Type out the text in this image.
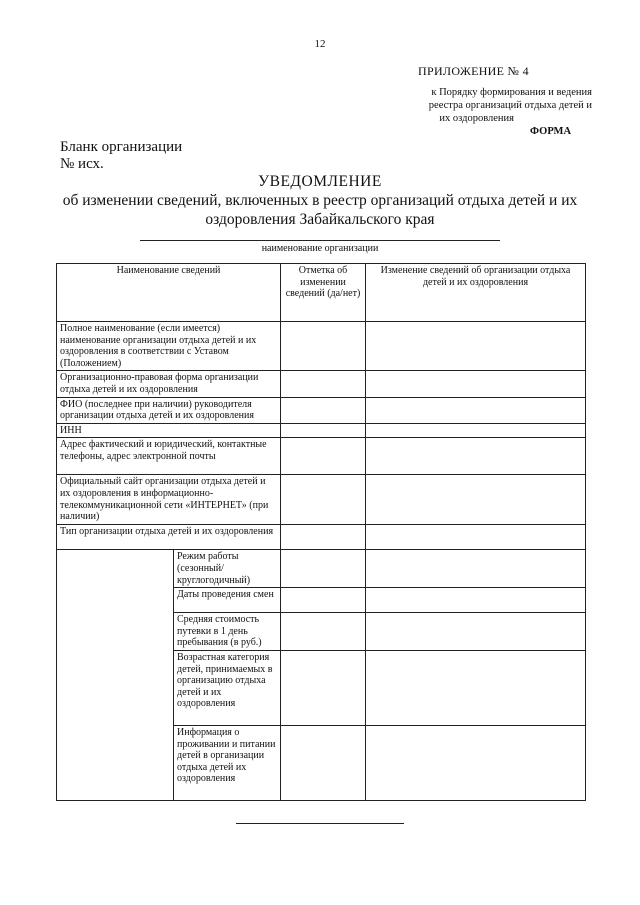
12
ПРИЛОЖЕНИЕ № 4
к Порядку формирования и ведения
реестра организаций отдыха детей и
их оздоровления
ФОРМА
Бланк организации
№ исх.
УВЕДОМЛЕНИЕ
об изменении сведений, включенных в реестр организаций отдыха детей и их
оздоровления Забайкальского края
наименование организации
Наименование сведений		Отметка об изменении сведений (да/нет)	Изменение сведений об организации отдыха детей и их оздоровления
Полное наименование (если имеется) наименование организации отдыха детей и их оздоровления в соответствии с Уставом (Положением)			
Организационно-правовая форма организации отдыха детей и их оздоровления			
ФИО (последнее при наличии) руководителя организации отдыха детей и их оздоровления			
ИНН			
Адрес фактический и юридический, контактные телефоны, адрес электронной почты			
Официальный сайт организации отдыха детей и их оздоровления в информационно-телекоммуникационной сети «ИНТЕРНЕТ» (при наличии)			
Тип организации отдыха детей и их оздоровления			
	Режим работы (сезонный/ круглогодичный)		
	Даты проведения смен		
	Средняя стоимость путевки в 1 день пребывания (в руб.)		
	Возрастная категория детей, принимаемых в организацию отдыха детей и их оздоровления		
	Информация о проживании и питании детей в организации отдыха детей их оздоровления		
